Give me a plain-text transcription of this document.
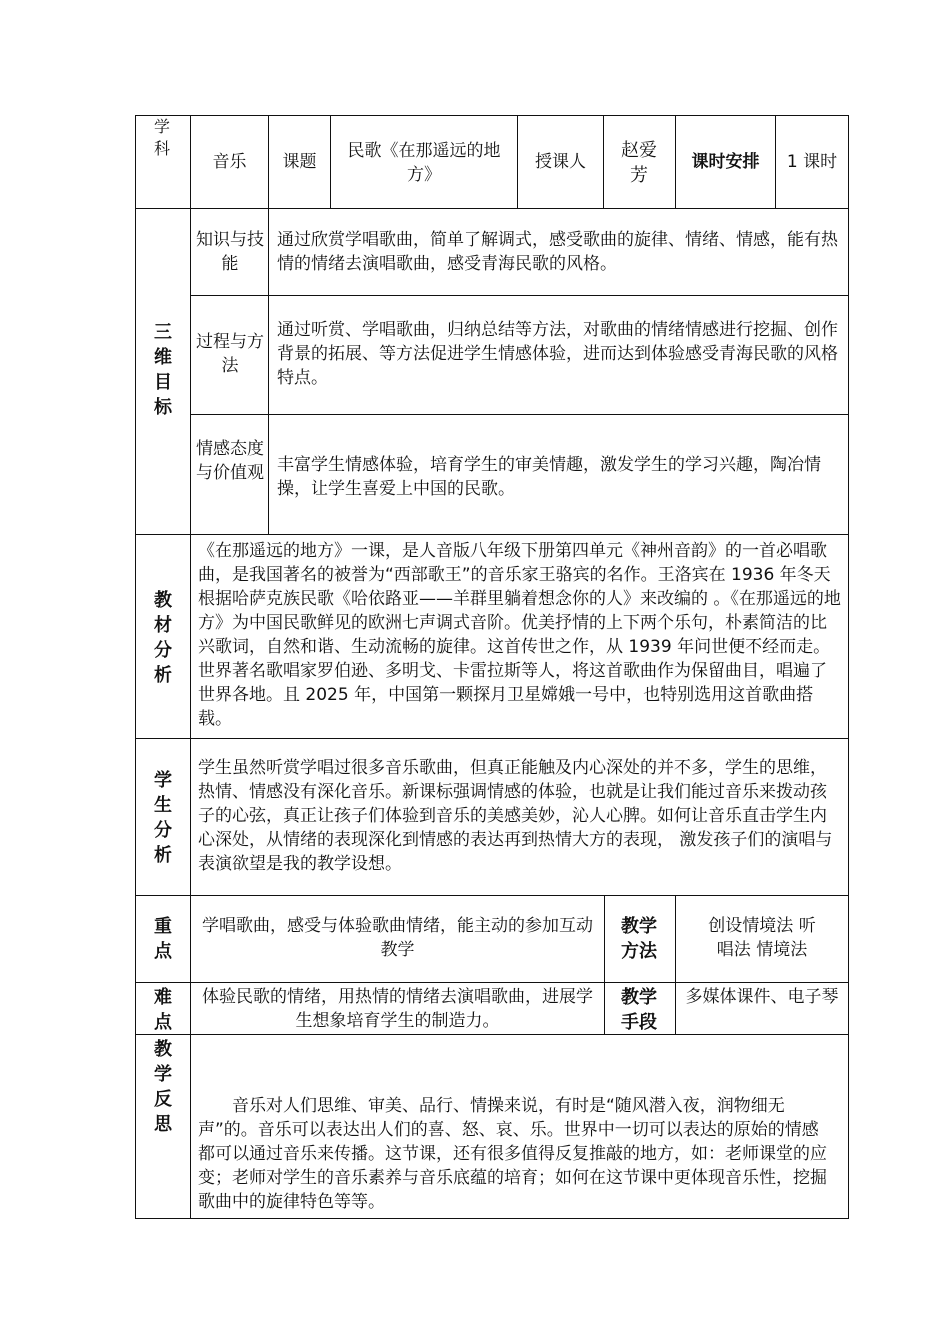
学科
音乐	课题
民歌《在那遥远的地方》
授课人
赵爱芳
课时安排	1 课时
三维目标
知识与技能
通过欣赏学唱歌曲，简单了解调式，感受歌曲的旋律、情绪、情感，能有热情的情绪去演唱歌曲，感受青海民歌的风格。
过程与方法
通过听赏、学唱歌曲，归纳总结等方法，对歌曲的情绪情感进行挖掘、创作背景的拓展、等方法促进学生情感体验，进而达到体验感受青海民歌的风格特点。
情感态度与价值观 丰富学生情感体验，培育学生的审美情趣，激发学生的学习兴趣，陶冶情操，让学生喜爱上中国的民歌。
教材分析
《在那遥远的地方》一课，是人音版八年级下册第四单元《神州音韵》的一首必唱歌曲，是我国著名的被誉为“西部歌王”的音乐家王骆宾的名作。王洛宾在 1936 年冬天根据哈萨克族民歌《哈依路亚——羊群里躺着想念你的人》来改编的 。《在那遥远的地方》为中国民歌鲜见的欧洲七声调式音阶。优美抒情的上下两个乐句，朴素简洁的比兴歌词，自然和谐、生动流畅的旋律。这首传世之作，从 1939 年问世便不经而走。世界著名歌唱家罗伯逊、多明戈、卡雷拉斯等人，将这首歌曲作为保留曲目，唱遍了世界各地。且 2025 年，中国第一颗探月卫星嫦娥一号中，也特别选用这首歌曲搭载。
学生分析
学生虽然听赏学唱过很多音乐歌曲，但真正能触及内心深处的并不多，学生的思维，热情、情感没有深化音乐。新课标强调情感的体验，也就是让我们能过音乐来拨动孩子的心弦，真正让孩子们体验到音乐的美感美妙，沁人心脾。如何让音乐直击学生内心深处，从情绪的表现深化到情感的表达再到热情大方的表现， 激发孩子们的演唱与表演欲望是我的教学设想。
重点
学唱歌曲，感受与体验歌曲情绪，能主动的参加互动教学
教学方法
创设情境法 听唱法 情境法
难点
体验民歌的情绪，用热情的情绪去演唱歌曲，进展学生想象培育学生的制造力。
教学手段
多媒体课件、电子琴
教学反思
音乐对人们思维、审美、品行、情操来说，有时是“随风潜入夜，润物细无声”的。音乐可以表达出人们的喜、怒、哀、乐。世界中一切可以表达的原始的情感都可以通过音乐来传播。这节课，还有很多值得反复推敲的地方，如：老师课堂的应变；老师对学生的音乐素养与音乐底蕴的培育；如何在这节课中更体现音乐性，挖掘歌曲中的旋律特色等等。
